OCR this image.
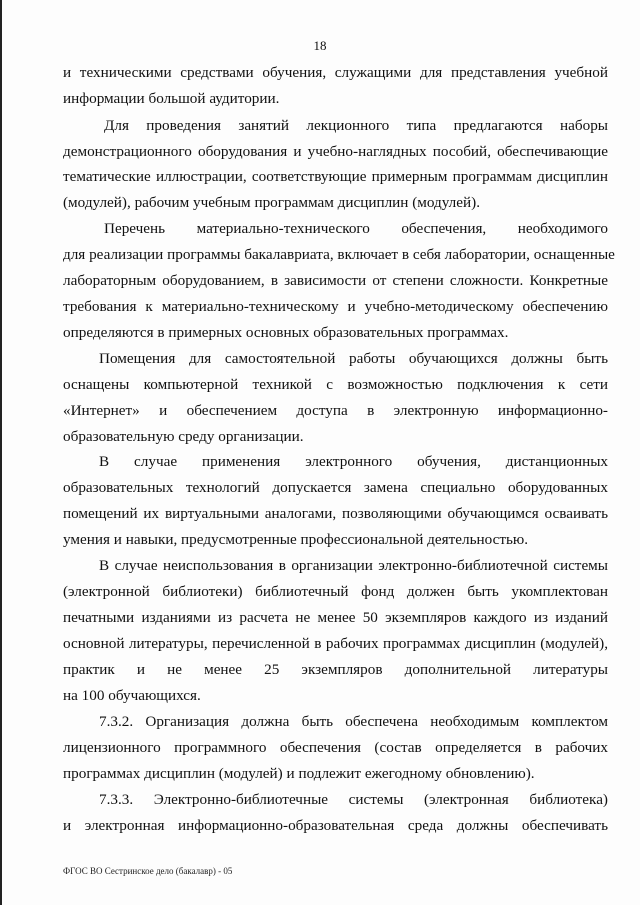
18
и техническими средствами обучения, служащими для представления учебной
информации большой аудитории.
Для проведения занятий лекционного типа предлагаются наборы
демонстрационного оборудования и учебно-наглядных пособий, обеспечивающие
тематические иллюстрации, соответствующие примерным программам дисциплин
(модулей), рабочим учебным программам дисциплин (модулей).
Перечень материально-технического обеспечения, необходимого
для реализации программы бакалавриата, включает в себя лаборатории, оснащенные
лабораторным оборудованием, в зависимости от степени сложности. Конкретные
требования к материально-техническому и учебно-методическому обеспечению
определяются в примерных основных образовательных программах.
Помещения для самостоятельной работы обучающихся должны быть
оснащены компьютерной техникой с возможностью подключения к сети
«Интернет» и обеспечением доступа в электронную информационно-
образовательную среду организации.
В случае применения электронного обучения, дистанционных
образовательных технологий допускается замена специально оборудованных
помещений их виртуальными аналогами, позволяющими обучающимся осваивать
умения и навыки, предусмотренные профессиональной деятельностью.
В случае неиспользования в организации электронно-библиотечной системы
(электронной библиотеки) библиотечный фонд должен быть укомплектован
печатными изданиями из расчета не менее 50 экземпляров каждого из изданий
основной литературы, перечисленной в рабочих программах дисциплин (модулей),
практик и не менее 25 экземпляров дополнительной литературы
на 100 обучающихся.
7.3.2. Организация должна быть обеспечена необходимым комплектом
лицензионного программного обеспечения (состав определяется в рабочих
программах дисциплин (модулей) и подлежит ежегодному обновлению).
7.3.3. Электронно-библиотечные системы (электронная библиотека)
и электронная информационно-образовательная среда должны обеспечивать
ФГОС ВО Сестринское дело (бакалавр) - 05
